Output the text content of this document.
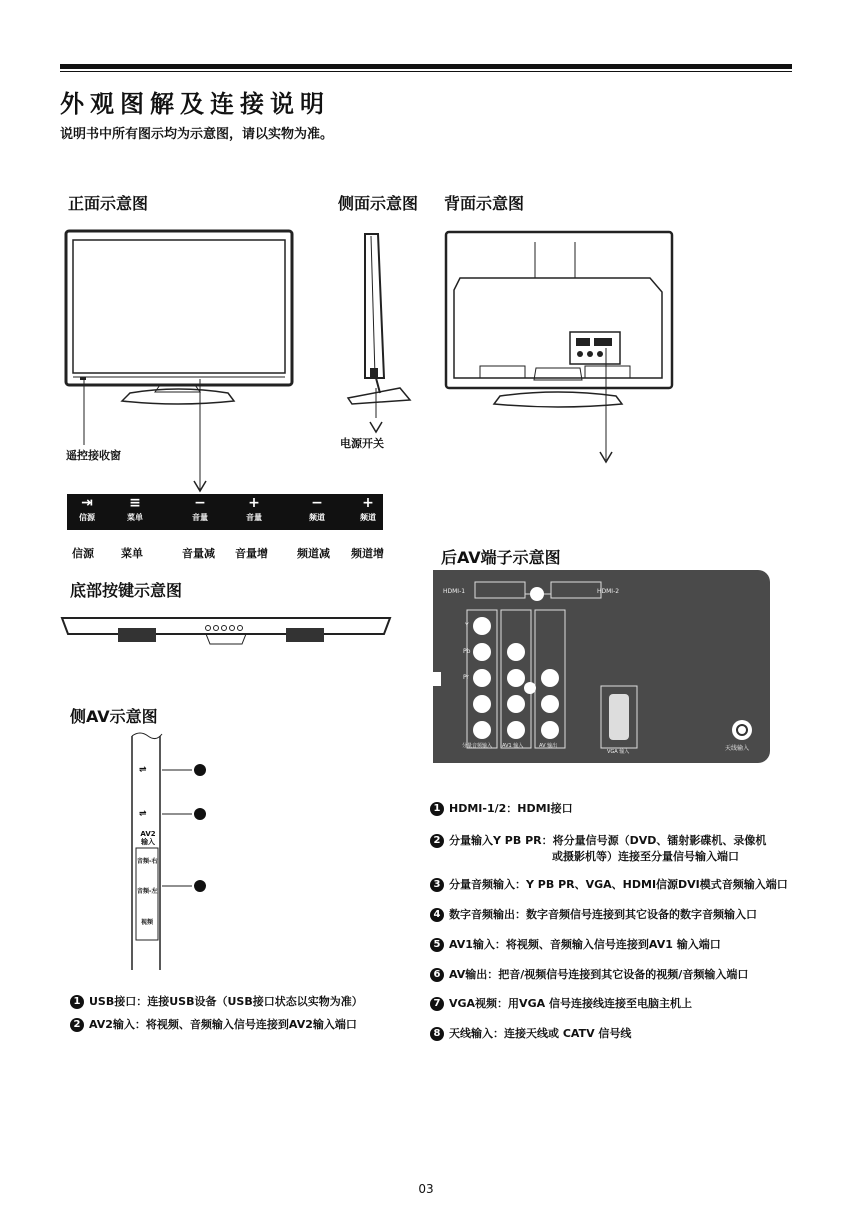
外观图解及连接说明
说明书中所有图示均为示意图，请以实物为准。
正面示意图	侧面示意图 背面示意图
遥控接收窗
电源开关
⇥
信源
≡
菜单
−
音量
+
音量
−
频道
+
频道
信源 菜单	音量减 音量增	频道减 频道增
底部按键示意图
侧AV示意图
⇌
⇌
AV2 输入
音频-右
音频-左
视频
1 USB接口：连接USB设备（USB接口状态以实物为准）
2 AV2输入：将视频、音频输入信号连接到AV2输入端口
后AV端子示意图
HDMI-1	HDMI-2
Y
Pb
Pr
分量音频输入 AV1 输入	AV 输出
VGA 输入	天线输入
1 HDMI-1/2：HDMI接口
2 分量输入Y PB PR：将分量信号源（DVD、镭射影碟机、录像机
或摄影机等）连接至分量信号输入端口
3 分量音频输入：Y PB PR、VGA、HDMI信源DVI模式音频输入端口
4 数字音频输出：数字音频信号连接到其它设备的数字音频输入口
5 AV1输入：将视频、音频输入信号连接到AV1 输入端口
6 AV输出：把音/视频信号连接到其它设备的视频/音频输入端口
7 VGA视频：用VGA 信号连接线连接至电脑主机上
8 天线输入：连接天线或 CATV 信号线
03
